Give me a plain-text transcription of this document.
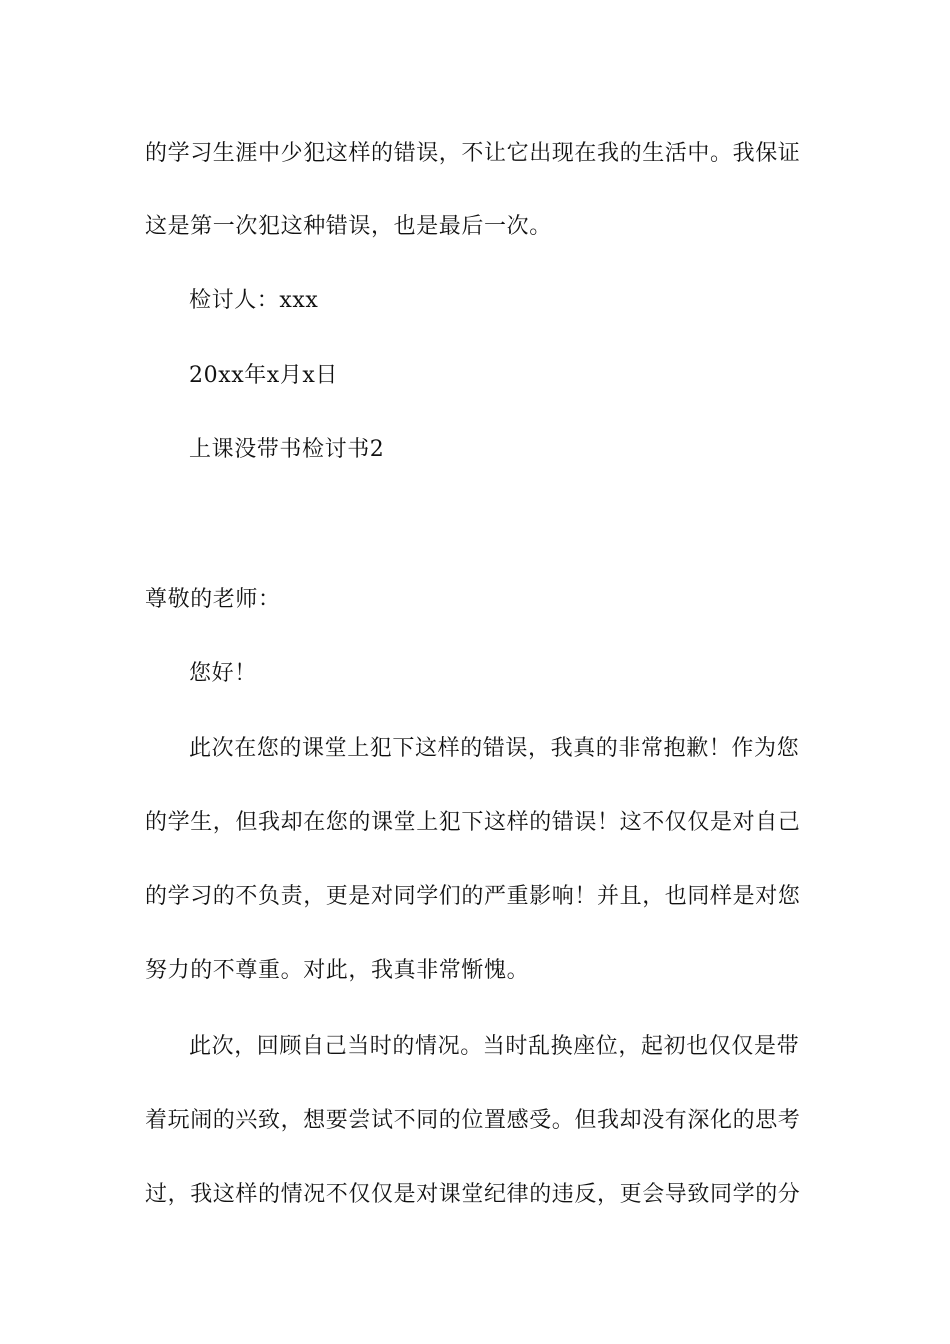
的学习生涯中少犯这样的错误，不让它出现在我的生活中。我保证
这是第一次犯这种错误，也是最后一次。
检讨人：xxx
20xx年x月x日
上课没带书检讨书2
尊敬的老师：
您好！
此次在您的课堂上犯下这样的错误，我真的非常抱歉！作为您
的学生，但我却在您的课堂上犯下这样的错误！这不仅仅是对自己
的学习的不负责，更是对同学们的严重影响！并且，也同样是对您
努力的不尊重。对此，我真非常惭愧。
此次，回顾自己当时的情况。当时乱换座位，起初也仅仅是带
着玩闹的兴致，想要尝试不同的位置感受。但我却没有深化的思考
过，我这样的情况不仅仅是对课堂纪律的违反，更会导致同学的分
